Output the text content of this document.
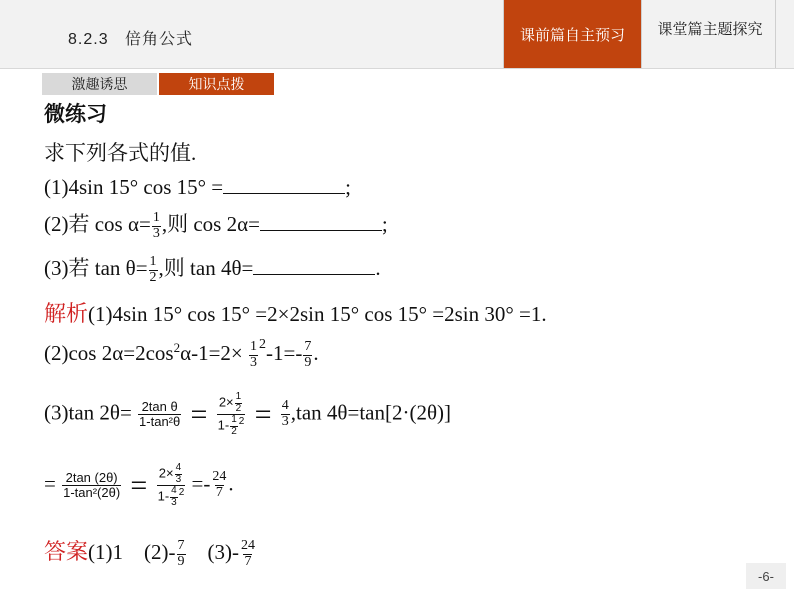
8.2.3 倍角公式	课前篇自主预习	课堂篇主题探究
激趣诱思	知识点拨
微练习
求下列各式的值.
(1)4sin 15° cos 15° =	;
(2)若 $\cos \alpha= \frac{1}{3}$ ,则 cos 2α=	;
(3)若 $\tan \theta= \frac{1}{2}$ ,则 tan 4θ=	.
解析(1)4sin 15° cos 15° =2×2sin 15° cos 15° =2sin 30° =1.
(2)cos $2\alpha=2\cos^2\alpha-1=2\times \frac{1}{3} ^2-1=- \frac{7}{9}$ .
(3)tan $2\theta= \frac{\text{2tan θ}}{\text{1-tan²θ}} = \frac{2\times \frac{1}{2}}{1- \frac{1}{2} ^2} = \frac{4}{3} ,\tan$ 4θ=tan[2·(2θ)]
= $\frac{2\tan (2\theta)}{\text{1-tan²(2θ)}} = \frac{2\times \frac{4}{3}}{1- \frac{4}{3} ^2} =- \frac{24}{7}$ .
答案(1)1 $(2)- \frac{7}{9} (3)- \frac{24}{7}$
-6-
